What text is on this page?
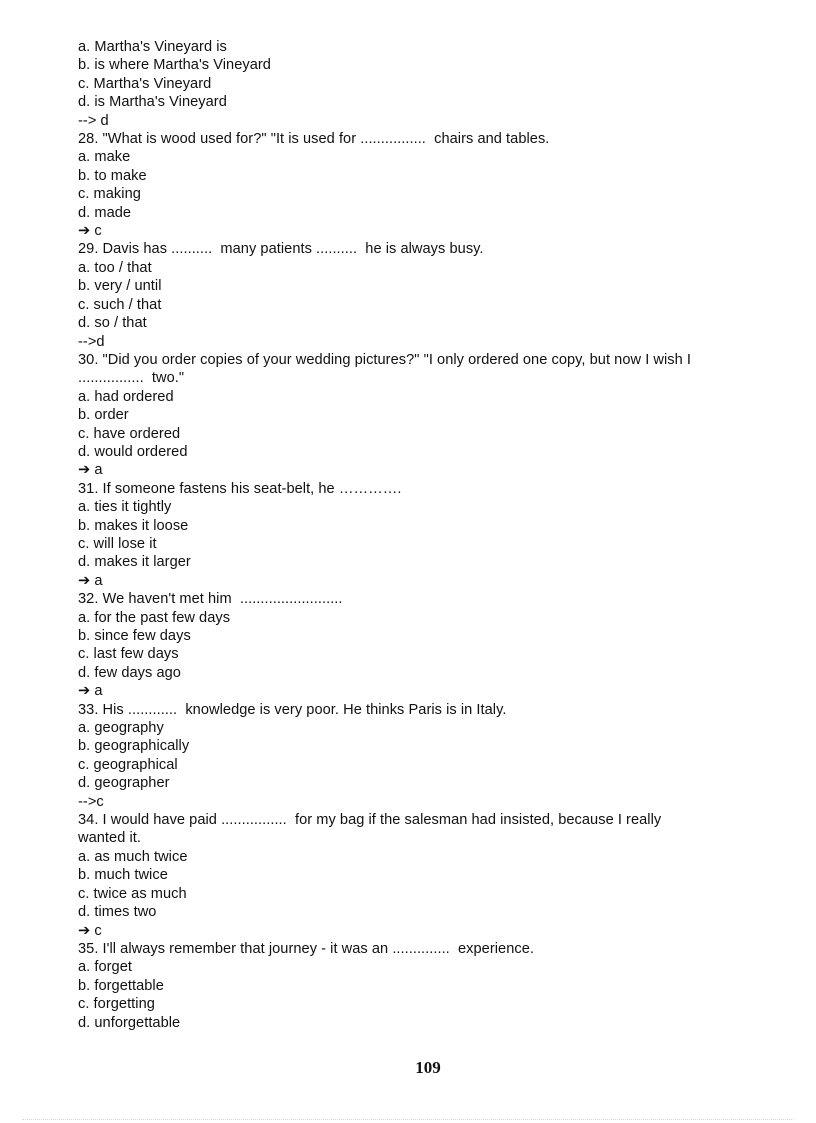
a. Martha's Vineyard is
b. is where Martha's Vineyard
c. Martha's Vineyard
d. is Martha's Vineyard
--> d
28. "What is wood used for?" "It is used for ................  chairs and tables.
a. make
b. to make
c. making
d. made
➔ c
29. Davis has ..........  many patients ..........  he is always busy.
a. too / that
b. very / until
c. such / that
d. so / that
-->d
30. "Did you order copies of your wedding pictures?" "I only ordered one copy, but now I wish I
................  two."
a. had ordered
b. order
c. have ordered
d. would ordered
➔ a
31. If someone fastens his seat-belt, he ………….
a. ties it tightly
b. makes it loose
c. will lose it
d. makes it larger
➔ a
32. We haven't met him  .........................
a. for the past few days
b. since few days
c. last few days
d. few days ago
➔ a
33. His ............  knowledge is very poor. He thinks Paris is in Italy.
a. geography
b. geographically
c. geographical
d. geographer
-->c
34. I would have paid ................  for my bag if the salesman had insisted, because I really
wanted it.
a. as much twice
b. much twice
c. twice as much
d. times two
➔ c
35. I'll always remember that journey - it was an ..............  experience.
a. forget
b. forgettable
c. forgetting
d. unforgettable
109
